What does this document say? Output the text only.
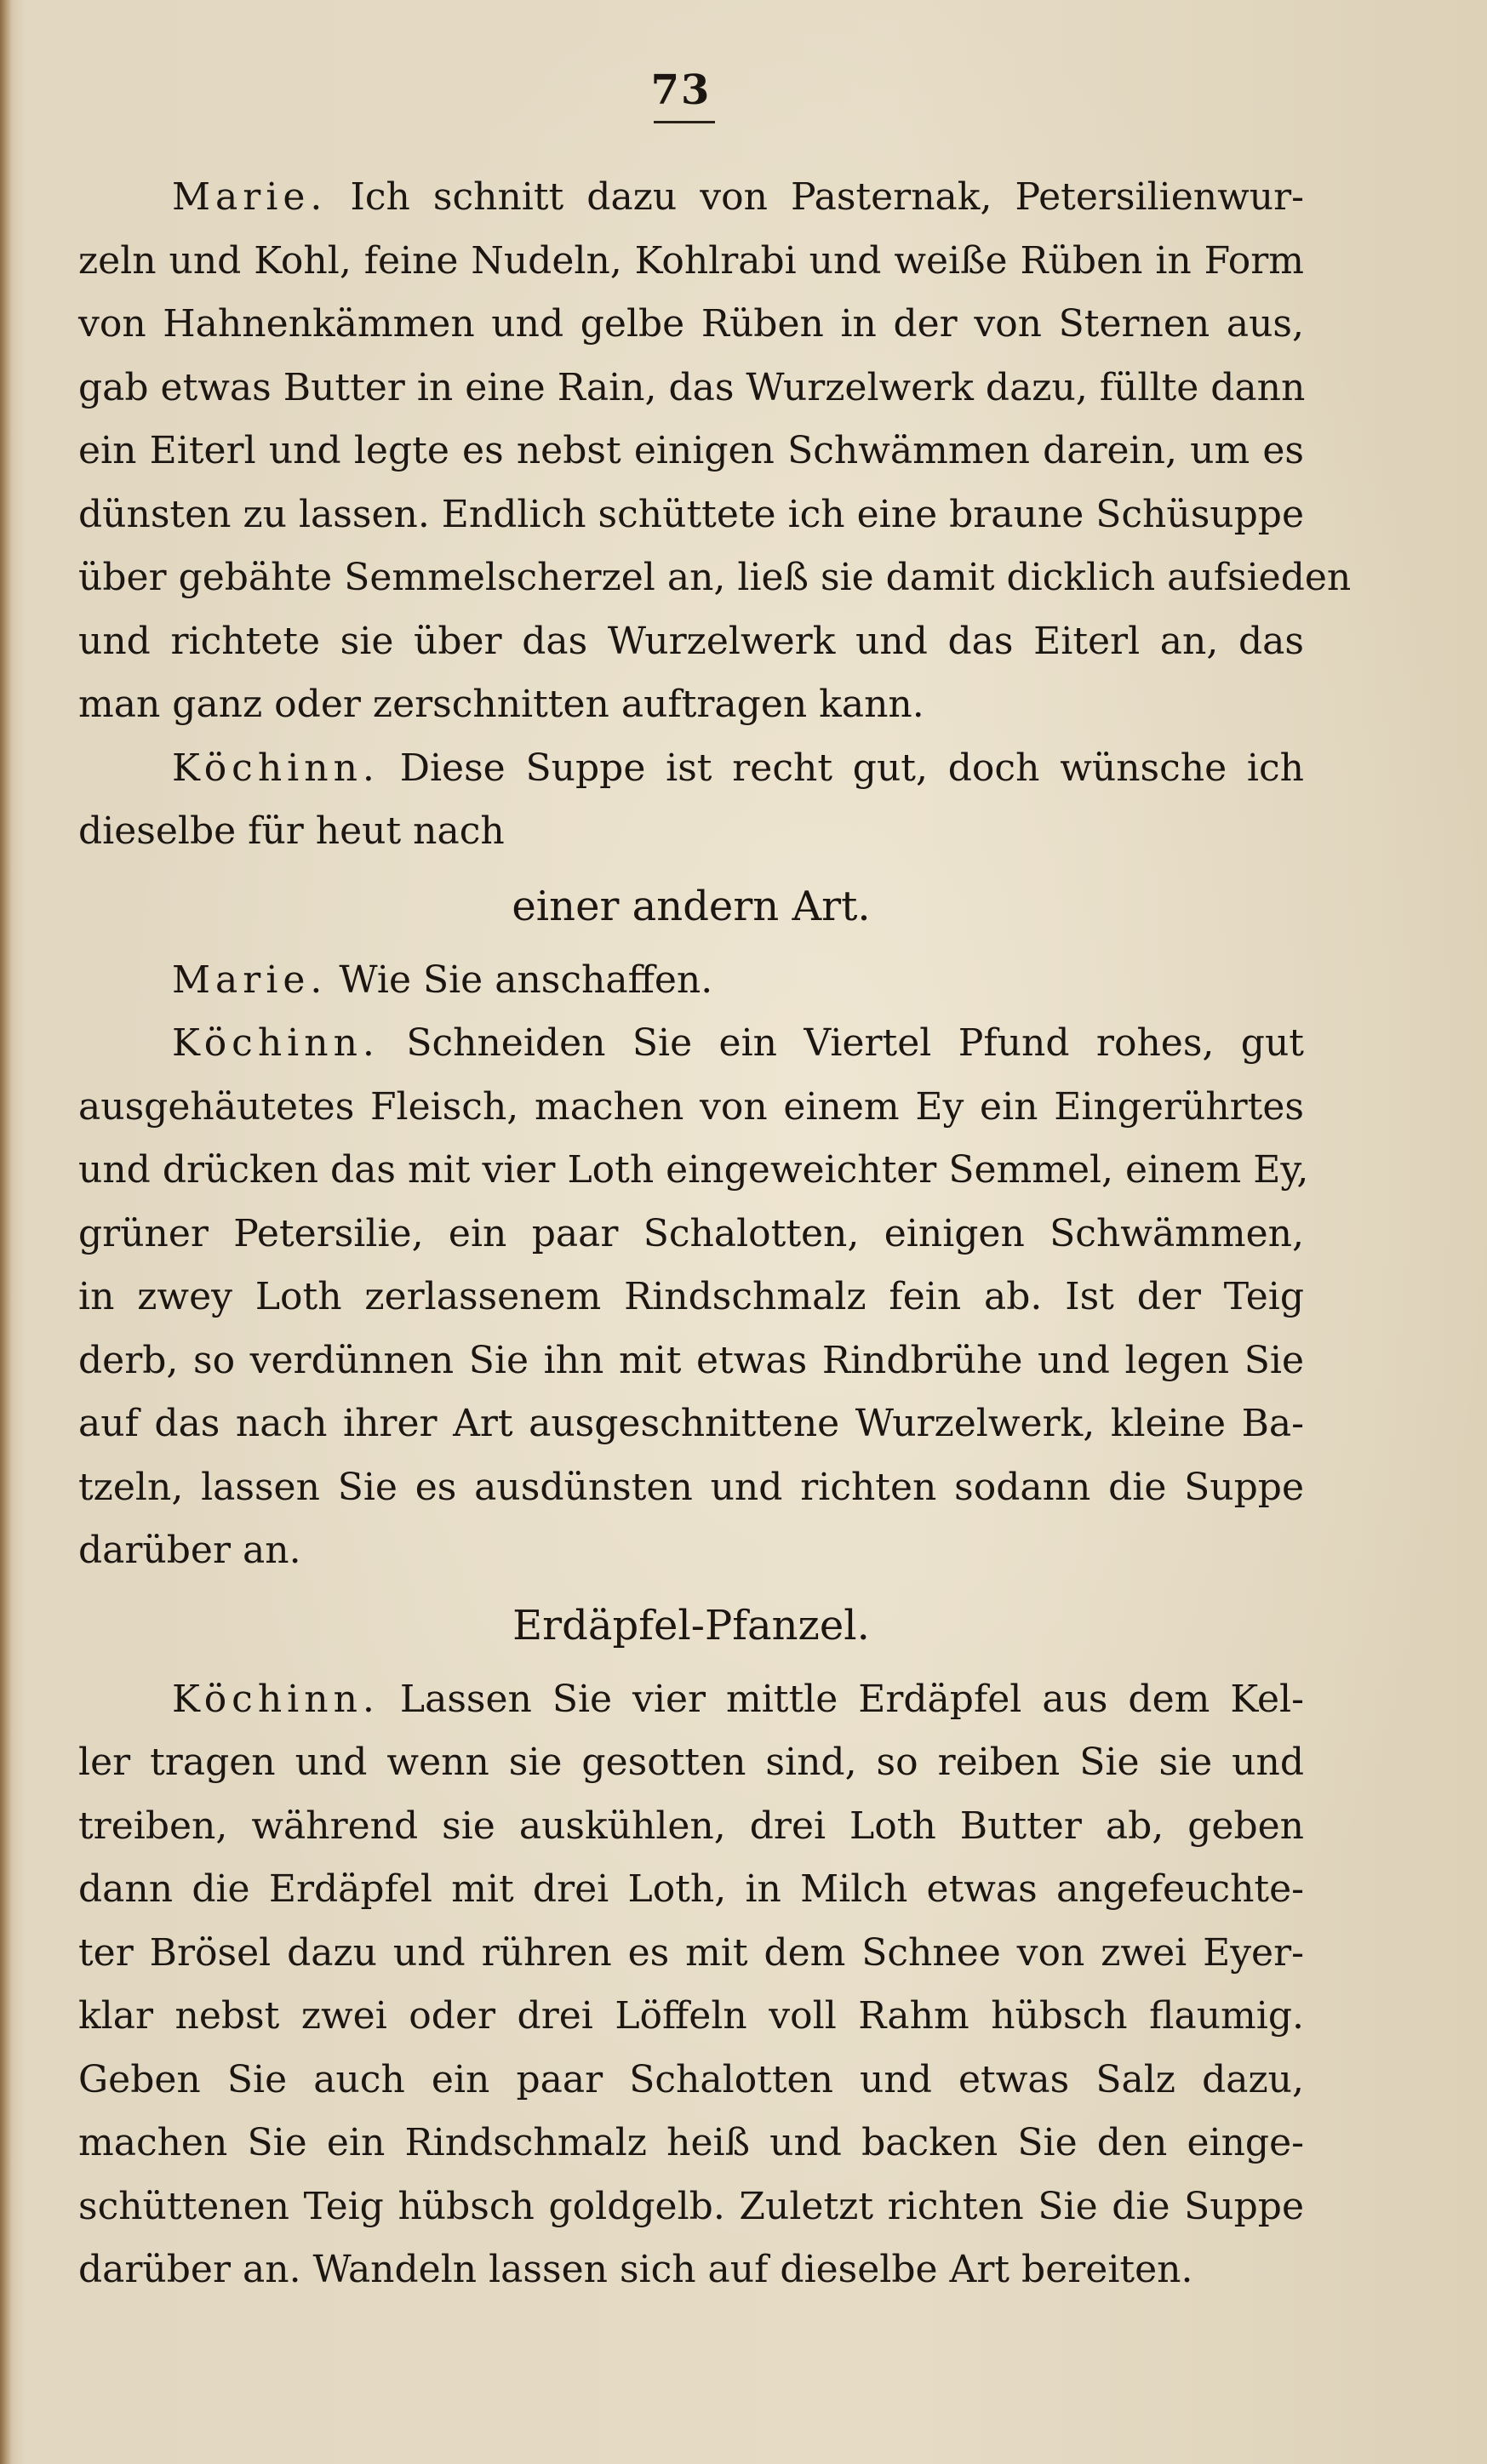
73
Marie. Ich schnitt dazu von Pasternak, Petersilienwur-
zeln und Kohl, feine Nudeln, Kohlrabi und weiße Rüben in Form
von Hahnenkämmen und gelbe Rüben in der von Sternen aus,
gab etwas Butter in eine Rain, das Wurzelwerk dazu, füllte dann
ein Eiterl und legte es nebst einigen Schwämmen darein, um es
dünsten zu lassen. Endlich schüttete ich eine braune Schüsuppe
über gebähte Semmelscherzel an, ließ sie damit dicklich aufsieden
und richtete sie über das Wurzelwerk und das Eiterl an, das
man ganz oder zerschnitten auftragen kann.
Köchinn. Diese Suppe ist recht gut, doch wünsche ich
dieselbe für heut nach
einer andern Art.
Marie. Wie Sie anschaffen.
Köchinn. Schneiden Sie ein Viertel Pfund rohes, gut
ausgehäutetes Fleisch, machen von einem Ey ein Eingerührtes
und drücken das mit vier Loth eingeweichter Semmel, einem Ey,
grüner Petersilie, ein paar Schalotten, einigen Schwämmen,
in zwey Loth zerlassenem Rindschmalz fein ab. Ist der Teig
derb, so verdünnen Sie ihn mit etwas Rindbrühe und legen Sie
auf das nach ihrer Art ausgeschnittene Wurzelwerk, kleine Ba-
tzeln, lassen Sie es ausdünsten und richten sodann die Suppe
darüber an.
Erdäpfel-Pfanzel.
Köchinn. Lassen Sie vier mittle Erdäpfel aus dem Kel-
ler tragen und wenn sie gesotten sind, so reiben Sie sie und
treiben, während sie auskühlen, drei Loth Butter ab, geben
dann die Erdäpfel mit drei Loth, in Milch etwas angefeuchte-
ter Brösel dazu und rühren es mit dem Schnee von zwei Eyer-
klar nebst zwei oder drei Löffeln voll Rahm hübsch flaumig.
Geben Sie auch ein paar Schalotten und etwas Salz dazu,
machen Sie ein Rindschmalz heiß und backen Sie den einge-
schüttenen Teig hübsch goldgelb. Zuletzt richten Sie die Suppe
darüber an. Wandeln lassen sich auf dieselbe Art bereiten.
